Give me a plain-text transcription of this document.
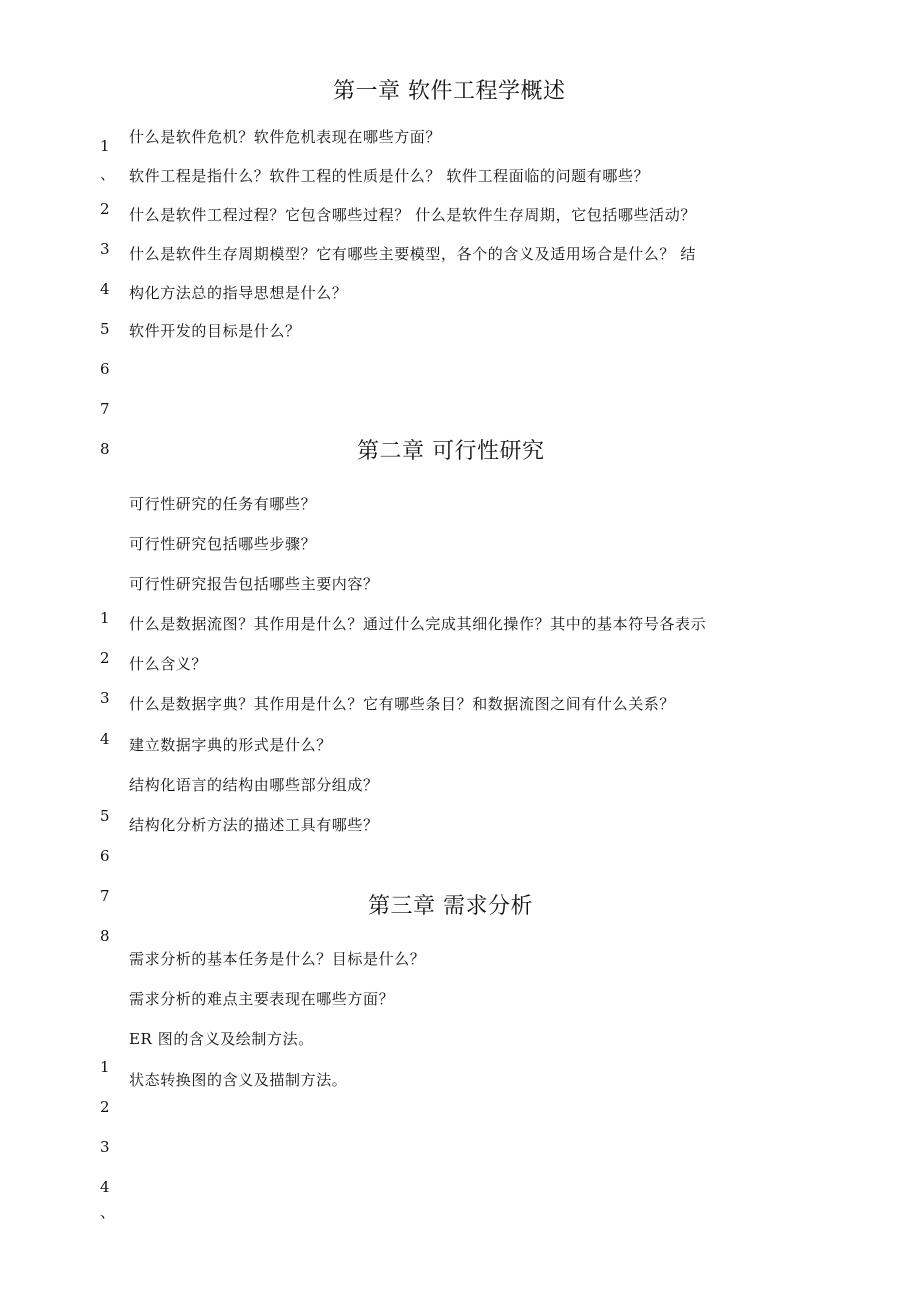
第一章 软件工程学概述
什么是软件危机？软件危机表现在哪些方面？
软件工程是指什么？软件工程的性质是什么？ 软件工程面临的问题有哪些？
什么是软件工程过程？它包含哪些过程？ 什么是软件生存周期，它包括哪些活动？
什么是软件生存周期模型？它有哪些主要模型，各个的含义及适用场合是什么？ 结
构化方法总的指导思想是什么？
软件开发的目标是什么？
1
、
2
3
4
5
6
7
8	第二章 可行性研究
可行性研究的任务有哪些？
可行性研究包括哪些步骤？
可行性研究报告包括哪些主要内容？
什么是数据流图？其作用是什么？通过什么完成其细化操作？其中的基本符号各表示
什么含义？
什么是数据字典？其作用是什么？它有哪些条目？和数据流图之间有什么关系？
建立数据字典的形式是什么？
结构化语言的结构由哪些部分组成？
结构化分析方法的描述工具有哪些？
1
2
3
4
5
6
7
8
第三章 需求分析
需求分析的基本任务是什么？目标是什么？
需求分析的难点主要表现在哪些方面？
ER 图的含义及绘制方法。
状态转换图的含义及描制方法。
1
2
3
4
、
